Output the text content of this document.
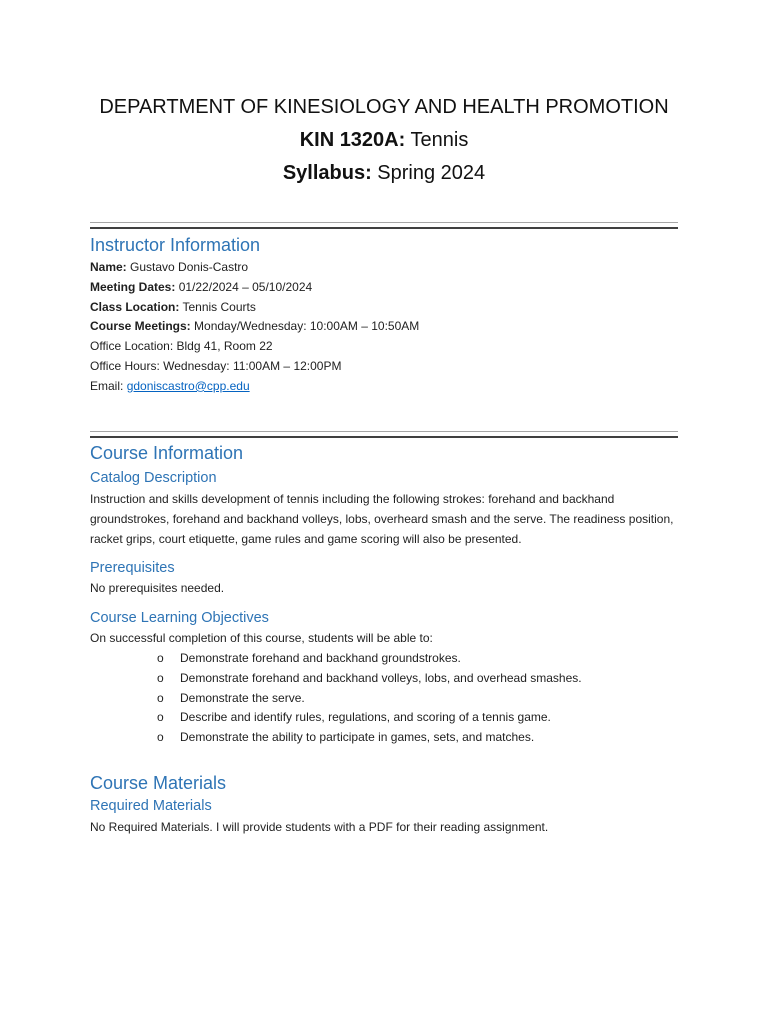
DEPARTMENT OF KINESIOLOGY AND HEALTH PROMOTION
KIN 1320A: Tennis
Syllabus: Spring 2024
Instructor Information
Name: Gustavo Donis-Castro
Meeting Dates: 01/22/2024 – 05/10/2024
Class Location: Tennis Courts
Course Meetings: Monday/Wednesday: 10:00AM – 10:50AM
Office Location: Bldg 41, Room 22
Office Hours: Wednesday: 11:00AM – 12:00PM
Email: gdoniscastro@cpp.edu
Course Information
Catalog Description
Instruction and skills development of tennis including the following strokes: forehand and backhand groundstrokes, forehand and backhand volleys, lobs, overheard smash and the serve. The readiness position, racket grips, court etiquette, game rules and game scoring will also be presented.
Prerequisites
No prerequisites needed.
Course Learning Objectives
On successful completion of this course, students will be able to:
o Demonstrate forehand and backhand groundstrokes.
o Demonstrate forehand and backhand volleys, lobs, and overhead smashes.
o Demonstrate the serve.
o Describe and identify rules, regulations, and scoring of a tennis game.
o Demonstrate the ability to participate in games, sets, and matches.
Course Materials
Required Materials
No Required Materials. I will provide students with a PDF for their reading assignment.
